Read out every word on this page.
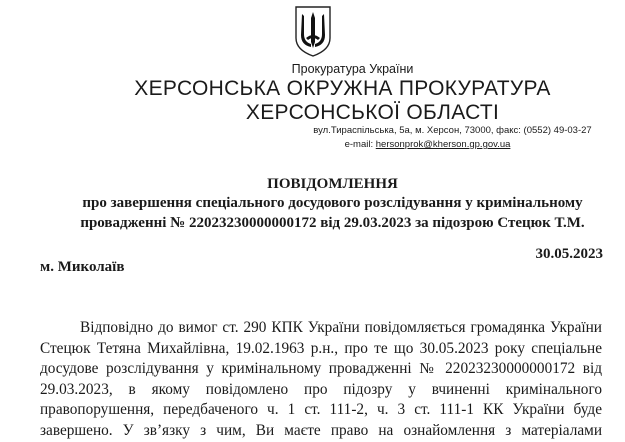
Прокуратура України
ХЕРСОНСЬКА ОКРУЖНА ПРОКУРАТУРА
ХЕРСОНСЬКОЇ ОБЛАСТІ
вул.Тираспільська, 5а, м. Херсон, 73000, факс: (0552) 49-03-27
e-mail: hersonprok@kherson.gp.gov.ua
ПОВІДОМЛЕННЯ
про завершення спеціального досудового розслідування у кримінальному
провадженні № 22023230000000172 від 29.03.2023 за підозрою Стецюк Т.М.
м. Миколаїв
30.05.2023
Відповідно до вимог ст. 290 КПК України повідомляється громадянка України
Стецюк Тетяна Михайлівна, 19.02.1963 р.н., про те що 30.05.2023 року спеціальне
досудове розслідування у кримінальному провадженні № 22023230000000172 від
29.03.2023, в якому повідомлено про підозру у вчиненні кримінального
правопорушення, передбаченого ч. 1 ст. 111-2, ч. 3 ст. 111-1 КК України буде
завершено. У зв’язку з чим, Ви маєте право на ознайомлення з матеріалами
